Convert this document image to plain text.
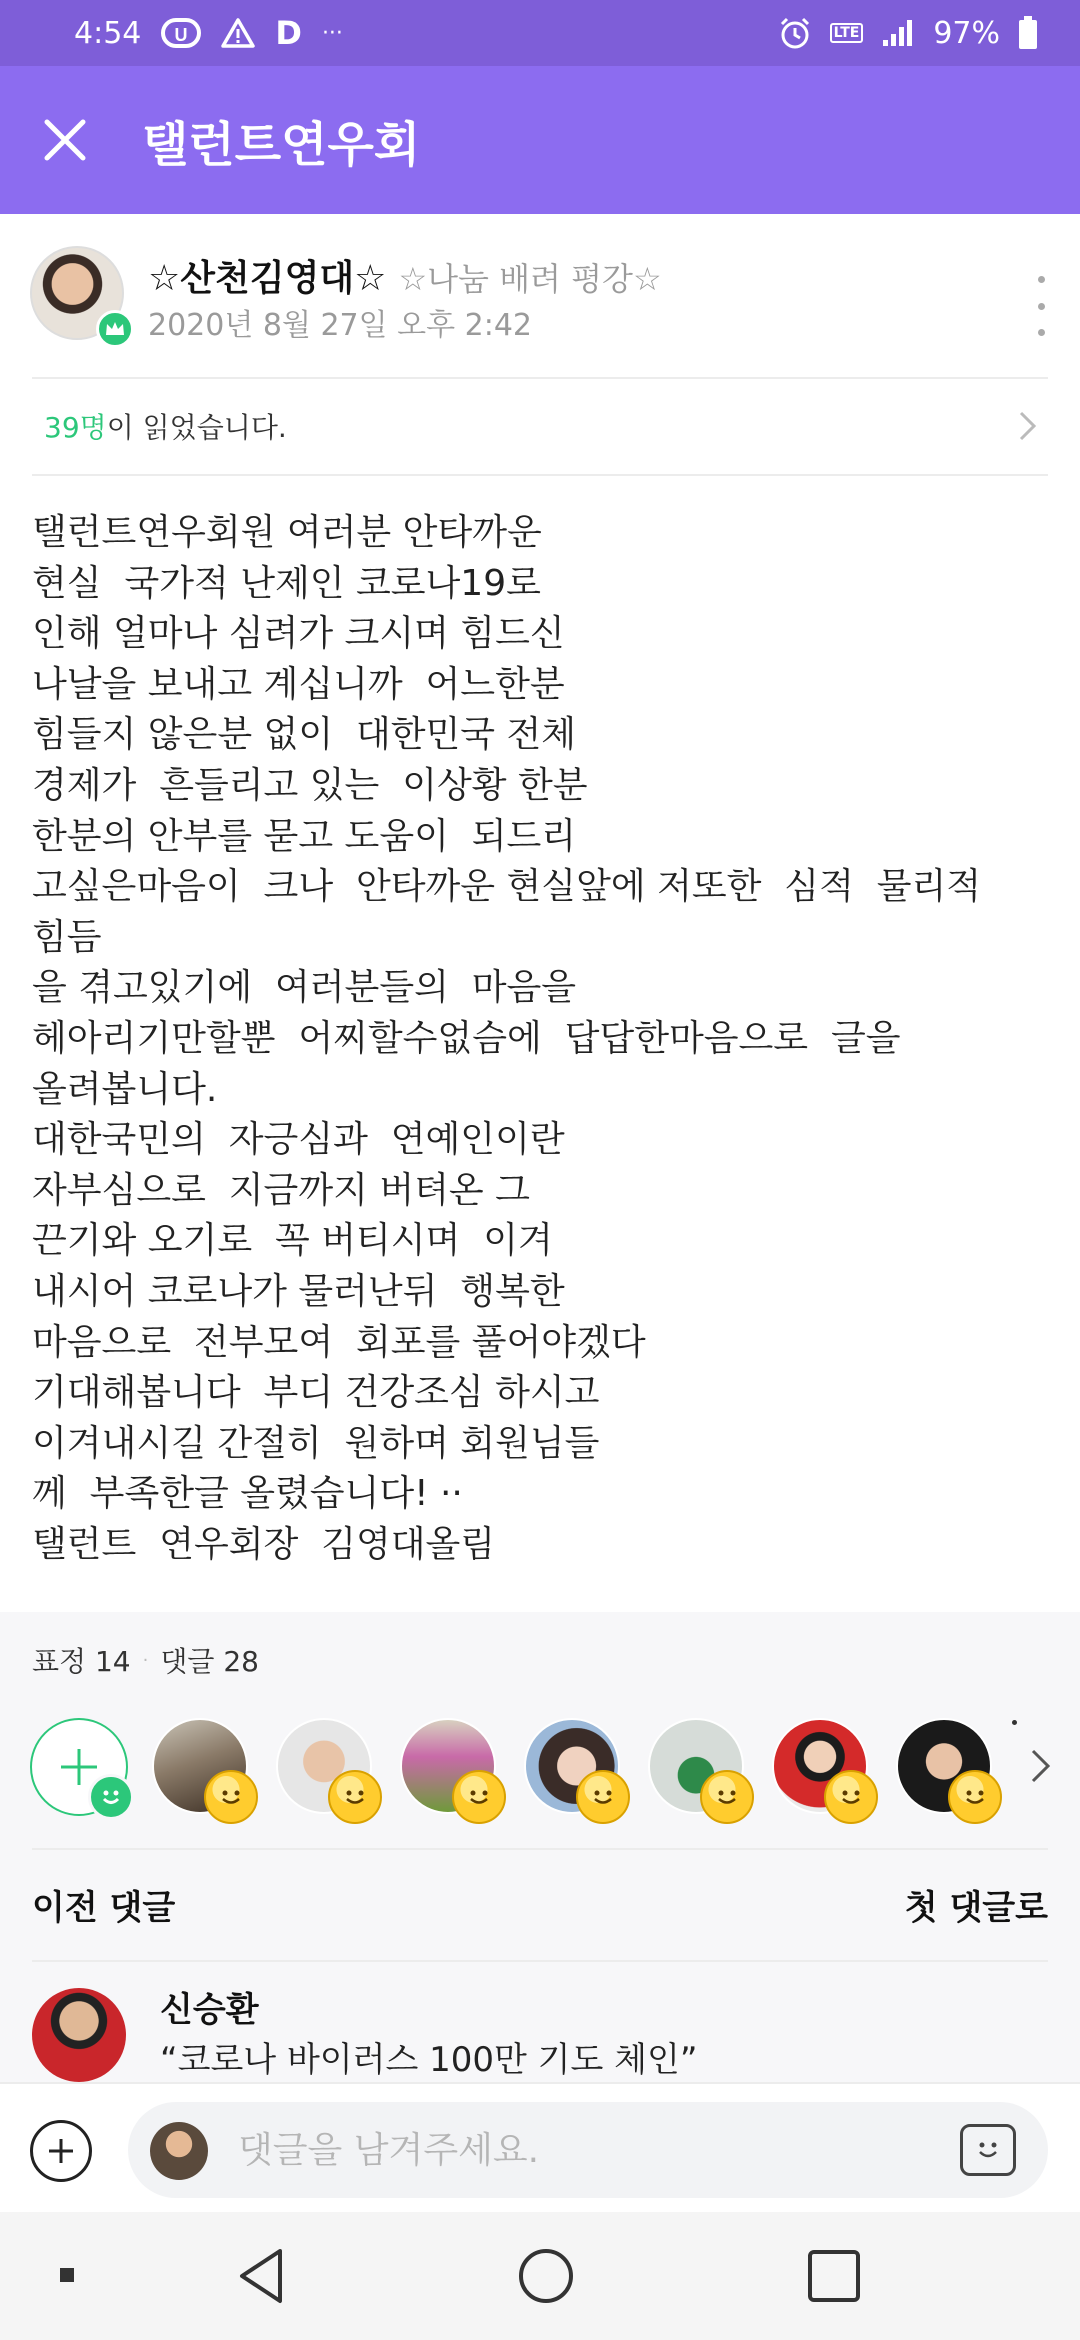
4:54 U	D ···	LTE 97%
탤런트연우회
☆산천김영대☆ ☆나눔 배려 평강☆
2020년 8월 27일 오후 2:42
39명 이 읽었습니다.
탤런트연우회원 여러분 안타까운
현실  국가적 난제인 코로나19로
인해 얼마나 심려가 크시며 힘드신
나날을 보내고 계십니까  어느한분
힘들지 않은분 없이  대한민국 전체
경제가  흔들리고 있는  이상황 한분
한분의 안부를 묻고 도움이  되드리
고싶은마음이  크나  안타까운 현실앞에 저또한  심적  물리적
힘듬
을 겪고있기에  여러분들의  마음을
헤아리기만할뿐  어찌할수없슴에  답답한마음으로  글을
올려봅니다.
대한국민의  자긍심과  연예인이란
자부심으로  지금까지 버텨온 그
끈기와 오기로  꼭 버티시며  이겨
내시어 코로나가 물러난뒤  행복한
마음으로  전부모여  회포를 풀어야겠다
기대해봅니다  부디 건강조심 하시고
이겨내시길 간절히  원하며 회원님들
께  부족한글 올렸습니다! ··
탤런트  연우회장  김영대올림
표정 14 · 댓글 28
이전 댓글	첫 댓글로
신승환
“코로나 바이러스 100만 기도 체인”
댓글을 남겨주세요.
